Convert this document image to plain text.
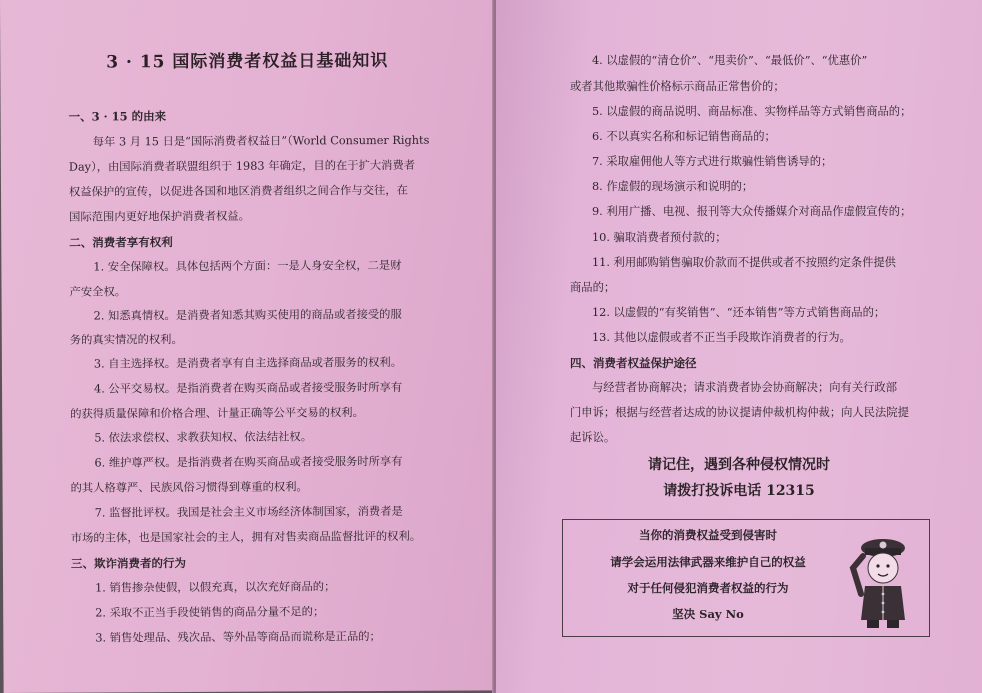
3 · 15 国际消费者权益日基础知识
一、3 · 15 的由来
每年 3 月 15 日是“国际消费者权益日”（World Consumer Rights
Day），由国际消费者联盟组织于 1983 年确定，目的在于扩大消费者
权益保护的宣传，以促进各国和地区消费者组织之间合作与交往，在
国际范围内更好地保护消费者权益。
二、消费者享有权利
1. 安全保障权。具体包括两个方面：一是人身安全权，二是财
产安全权。
2. 知悉真情权。是消费者知悉其购买使用的商品或者接受的服
务的真实情况的权利。
3. 自主选择权。是消费者享有自主选择商品或者服务的权利。
4. 公平交易权。是指消费者在购买商品或者接受服务时所享有
的获得质量保障和价格合理、计量正确等公平交易的权利。
5. 依法求偿权、求教获知权、依法结社权。
6. 维护尊严权。是指消费者在购买商品或者接受服务时所享有
的其人格尊严、民族风俗习惯得到尊重的权利。
7. 监督批评权。我国是社会主义市场经济体制国家，消费者是
市场的主体，也是国家社会的主人，拥有对售卖商品监督批评的权利。
三、欺诈消费者的行为
1. 销售掺杂使假，以假充真，以次充好商品的；
2. 采取不正当手段使销售的商品分量不足的；
3. 销售处理品、残次品、等外品等商品而谎称是正品的；
4. 以虚假的“清仓价”、“甩卖价”、“最低价”、“优惠价”
或者其他欺骗性价格标示商品正常售价的；
5. 以虚假的商品说明、商品标准、实物样品等方式销售商品的；
6. 不以真实名称和标记销售商品的；
7. 采取雇佣他人等方式进行欺骗性销售诱导的；
8. 作虚假的现场演示和说明的；
9. 利用广播、电视、报刊等大众传播媒介对商品作虚假宣传的；
10. 骗取消费者预付款的；
11. 利用邮购销售骗取价款而不提供或者不按照约定条件提供
商品的；
12. 以虚假的“有奖销售”、“还本销售”等方式销售商品的；
13. 其他以虚假或者不正当手段欺诈消费者的行为。
四、消费者权益保护途径
与经营者协商解决；请求消费者协会协商解决；向有关行政部
门申诉；根据与经营者达成的协议提请仲裁机构仲裁；向人民法院提
起诉讼。
请记住，遇到各种侵权情况时
请拨打投诉电话 12315
当你的消费权益受到侵害时
请学会运用法律武器来维护自己的权益
对于任何侵犯消费者权益的行为
坚决 Say No
